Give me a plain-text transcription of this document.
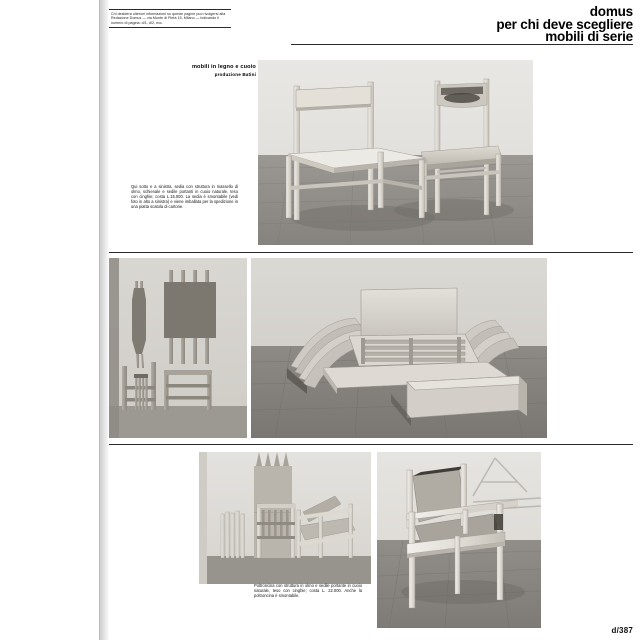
Chi desidera ulteriori informazioni su queste pagine può rivolgersi alla Redazione Domus — via Monte di Pietà 15, Milano — indicando il numero di pagina: d/1, d/2, ecc.

domus
per chi deve scegliere
mobili di serie
mobili in legno e cuoio
produzione Batini

Qui sotto e a sinistra, sedia con struttura in massello di olmo, schienale e sedile portanti in cuoio naturale, teso con cinghie; costa L.15.000. La sedia è smontabile (vedi foto in alto a sinistra) e viene imballata per la spedizione in una piatta scatola di cartone.

Poltroncina con struttura in olmo e sedile portante in cuoio naturale, teso con cinghie; costa L. 22.000. Anche la poltroncina è smontabile.

d/387
